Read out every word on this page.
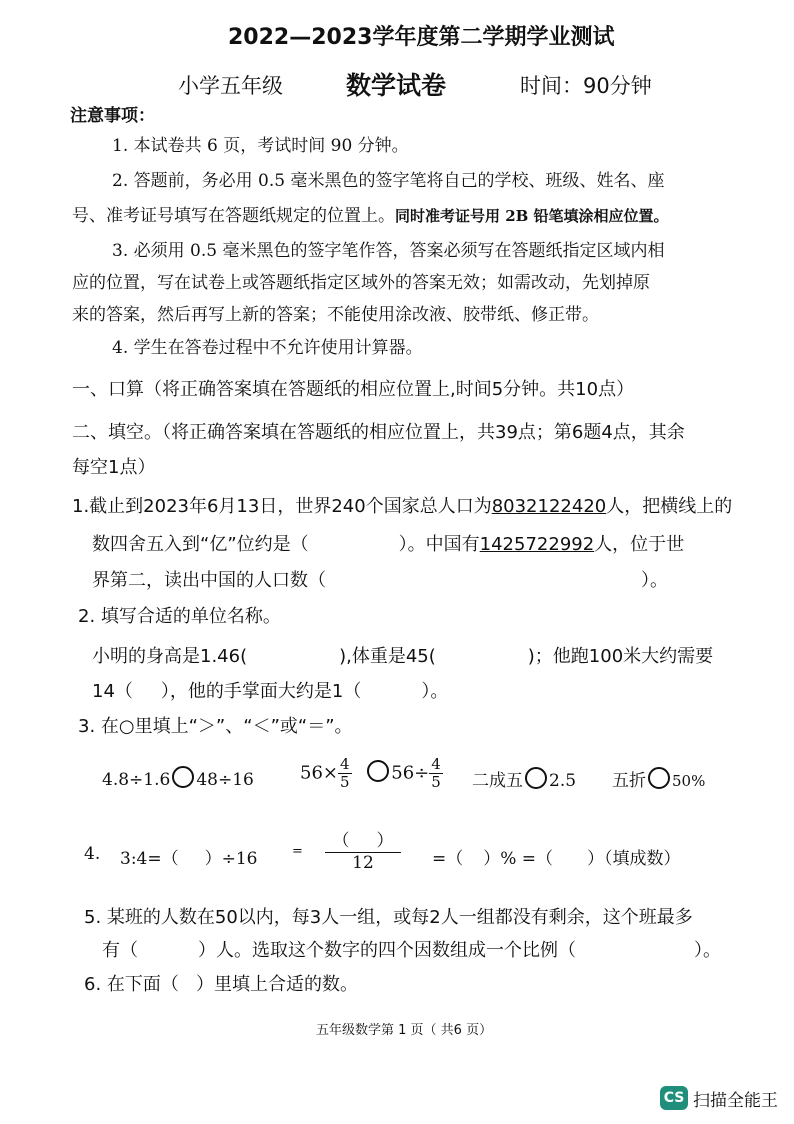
2022—2023学年度第二学期学业测试
小学五年级	数学试卷	时间：90分钟
注意事项：
1. 本试卷共 6 页，考试时间 90 分钟。
2. 答题前，务必用 0.5 毫米黑色的签字笔将自己的学校、班级、姓名、座
号、准考证号填写在答题纸规定的位置上。同时准考证号用 2B 铅笔填涂相应位置。
3. 必须用 0.5 毫米黑色的签字笔作答，答案必须写在答题纸指定区域内相
应的位置，写在试卷上或答题纸指定区域外的答案无效；如需改动，先划掉原
来的答案，然后再写上新的答案；不能使用涂改液、胶带纸、修正带。
4. 学生在答卷过程中不允许使用计算器。
一、口算（将正确答案填在答题纸的相应位置上,时间5分钟。共10点）
二、填空。（将正确答案填在答题纸的相应位置上，共39点；第6题4点，其余
每空1点）
1.截止到2023年6月13日，世界240个国家总人口为8032122420人，把横线上的
数四舍五入到“亿”位约是（	）。中国有1425722992人，位于世
界第二，读出中国的人口数（	）。
2. 填写合适的单位名称。
小明的身高是1.46(	),体重是45(	)；他跑100米大约需要
14（ ），他的手掌面大约是1（	）。
3. 在○里填上“＞”、“＜”或“＝”。
4.8÷1.6 48÷16	$56\times \frac{4}{5} 56\div \frac{4}{5}$ 二成五 2.5 五折 50%
4. 3:4=（ ）÷16	=
（     ）
12	=（ ）% =（ ）（填成数）
5. 某班的人数在50以内，每3人一组，或每2人一组都没有剩余，这个班最多
有（	）人。选取这个数字的四个因数组成一个比例（	）。
6. 在下面（   ）里填上合适的数。
五年级数学第 1 页（ 共6 页）
CS 扫描全能王
